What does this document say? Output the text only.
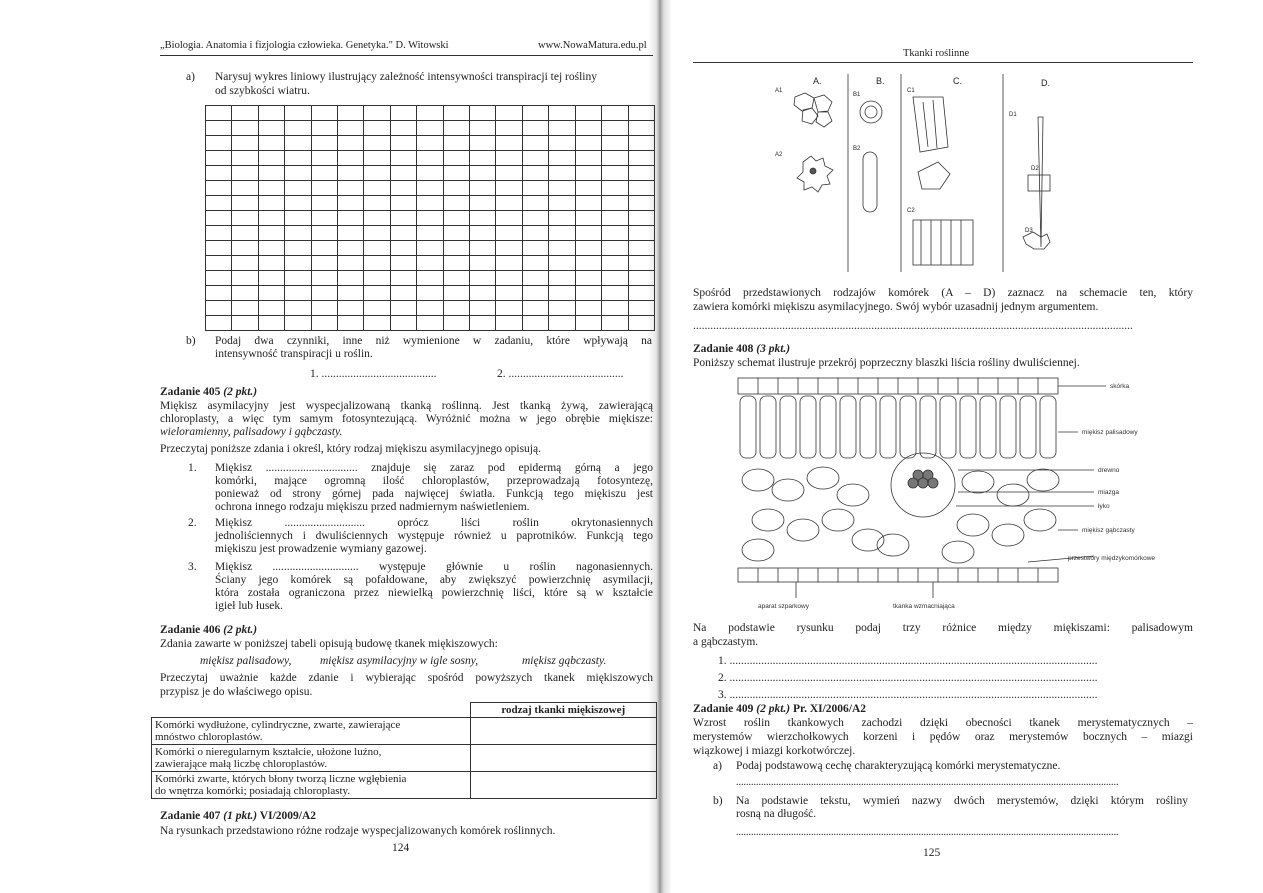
„Biologia. Anatomia i fizjologia człowieka. Genetyka." D. Witowski	www.NowaMatura.edu.pl
a) Narysuj wykres liniowy ilustrujący zależność intensywności transpiracji tej rośliny
od szybkości wiatru.

b) Podaj dwa czynniki, inne niż wymienione w zadaniu, które wpływają na
intensywność transpiracji u roślin.
1. ........................................	2. ........................................
Zadanie 405 (2 pkt.)
Miękisz asymilacyjny jest wyspecjalizowaną tkanką roślinną. Jest tkanką żywą, zawierającą
chloroplasty, a więc tym samym fotosyntezującą. Wyróżnić można w jego obrębie miękisze:
wieloramienny, palisadowy i gąbczasty.
Przeczytaj poniższe zdania i określ, który rodzaj miękiszu asymilacyjnego opisują.
1. Miękisz ................................ znajduje się zaraz pod epidermą górną a jego
komórki, mające ogromną ilość chloroplastów, przeprowadzają fotosyntezę,
ponieważ od strony górnej pada najwięcej światła. Funkcją tego miękiszu jest
ochrona innego rodzaju miękiszu przed nadmiernym naświetleniem.
2. Miękisz ............................ oprócz liści roślin okrytonasiennych
jednoliściennych i dwuliściennych występuje również u paprotników. Funkcją tego
miękiszu jest prowadzenie wymiany gazowej.
3. Miękisz .............................. występuje głównie u roślin nagonasiennych.
Ściany jego komórek są pofałdowane, aby zwiększyć powierzchnię asymilacji,
która została ograniczona przez niewielką powierzchnię liści, które są w kształcie
igieł lub łusek.
Zadanie 406 (2 pkt.)
Zdania zawarte w poniższej tabeli opisują budowę tkanek miękiszowych:
miękisz palisadowy, miękisz asymilacyjny w igle sosny,	miękisz gąbczasty.
Przeczytaj uważnie każde zdanie i wybierając spośród powyższych tkanek miękiszowych
przypisz je do właściwego opisu.
	rodzaj tkanki miękiszowej

Komórki wydłużone, cylindryczne, zwarte, zawierające
mnóstwo chloroplastów.	

Komórki o nieregularnym kształcie, ułożone luźno,
zawierające małą liczbę chloroplastów.	

Komórki zwarte, których błony tworzą liczne wgłębienia
do wnętrza komórki; posiadają chloroplasty.	

Zadanie 407 (1 pkt.) VI/2009/A2
Na rysunkach przedstawiono różne rodzaje wyspecjalizowanych komórek roślinnych.
124
Tkanki roślinne
A.	B.	C.	D.
A1
A2
B1
B2
C1
C2
D1
D2
D3
Spośród przedstawionych rodzajów komórek (A – D) zaznacz na schemacie ten, który
zawiera komórki miękiszu asymilacyjnego. Swój wybór uzasadnij jednym argumentem.
.........................................................................................................................................................
Zadanie 408 (3 pkt.)
Poniższy schemat ilustruje przekrój poprzeczny blaszki liścia rośliny dwuliściennej.
skórka
miękisz palisadowy
drewno
miazga
łyko
miękisz gąbczasty
przestwory międzykomórkowe
aparat szparkowy	tkanka wzmacniająca
Na podstawie rysunku podaj trzy różnice między miękiszami: palisadowym
a gąbczastym.
1. ................................................................................................................................
2. ................................................................................................................................
3. ................................................................................................................................
Zadanie 409 (2 pkt.) Pr. XI/2006/A2
Wzrost roślin tkankowych zachodzi dzięki obecności tkanek merystematycznych –
merystemów wierzchołkowych korzeni i pędów oraz merystemów bocznych – miazgi
wiązkowej i miazgi korkotwórczej.
a) Podaj podstawową cechę charakteryzującą komórki merystematyczne.
.........................................................................................................................................................
b) Na podstawie tekstu, wymień nazwy dwóch merystemów, dzięki którym rośliny
rosną na długość.
.........................................................................................................................................................
125
